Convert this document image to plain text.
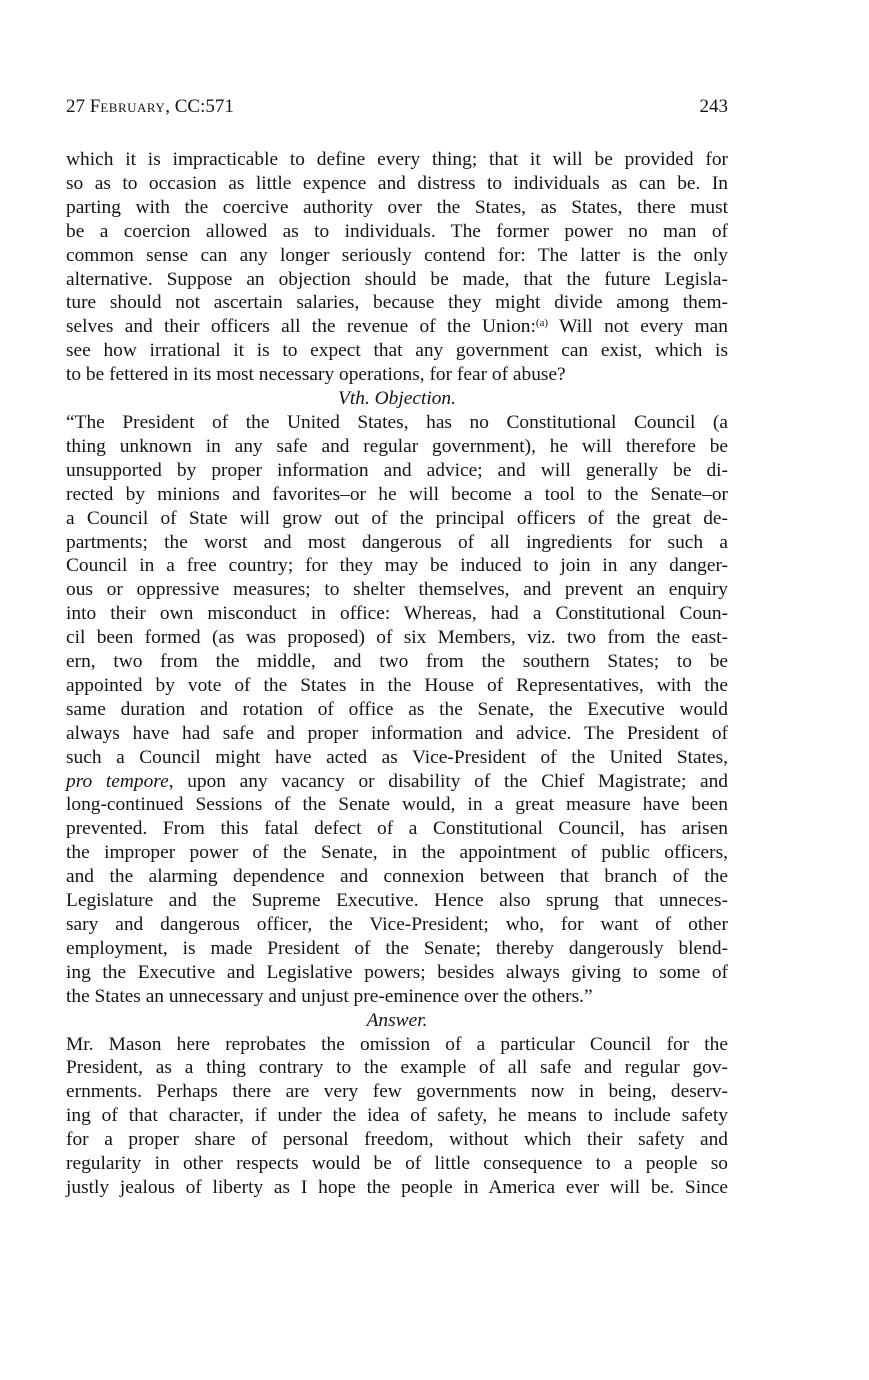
27 February, CC:571	243
which it is impracticable to define every thing; that it will be provided for
so as to occasion as little expence and distress to individuals as can be. In
parting with the coercive authority over the States, as States, there must
be a coercion allowed as to individuals. The former power no man of
common sense can any longer seriously contend for: The latter is the only
alternative. Suppose an objection should be made, that the future Legisla-
ture should not ascertain salaries, because they might divide among them-
selves and their officers all the revenue of the Union:$^{(a)}$ Will not every man
see how irrational it is to expect that any government can exist, which is
to be fettered in its most necessary operations, for fear of abuse?
Vth. Objection.
“The President of the United States, has no Constitutional Council (a
thing unknown in any safe and regular government), he will therefore be
unsupported by proper information and advice; and will generally be di-
rected by minions and favorites–or he will become a tool to the Senate–or
a Council of State will grow out of the principal officers of the great de-
partments; the worst and most dangerous of all ingredients for such a
Council in a free country; for they may be induced to join in any danger-
ous or oppressive measures; to shelter themselves, and prevent an enquiry
into their own misconduct in office: Whereas, had a Constitutional Coun-
cil been formed (as was proposed) of six Members, viz. two from the east-
ern, two from the middle, and two from the southern States; to be
appointed by vote of the States in the House of Representatives, with the
same duration and rotation of office as the Senate, the Executive would
always have had safe and proper information and advice. The President of
such a Council might have acted as Vice-President of the United States,
pro tempore, upon any vacancy or disability of the Chief Magistrate; and
long-continued Sessions of the Senate would, in a great measure have been
prevented. From this fatal defect of a Constitutional Council, has arisen
the improper power of the Senate, in the appointment of public officers,
and the alarming dependence and connexion between that branch of the
Legislature and the Supreme Executive. Hence also sprung that unneces-
sary and dangerous officer, the Vice-President; who, for want of other
employment, is made President of the Senate; thereby dangerously blend-
ing the Executive and Legislative powers; besides always giving to some of
the States an unnecessary and unjust pre-eminence over the others.”
Answer.
Mr. Mason here reprobates the omission of a particular Council for the
President, as a thing contrary to the example of all safe and regular gov-
ernments. Perhaps there are very few governments now in being, deserv-
ing of that character, if under the idea of safety, he means to include safety
for a proper share of personal freedom, without which their safety and
regularity in other respects would be of little consequence to a people so
justly jealous of liberty as I hope the people in America ever will be. Since
